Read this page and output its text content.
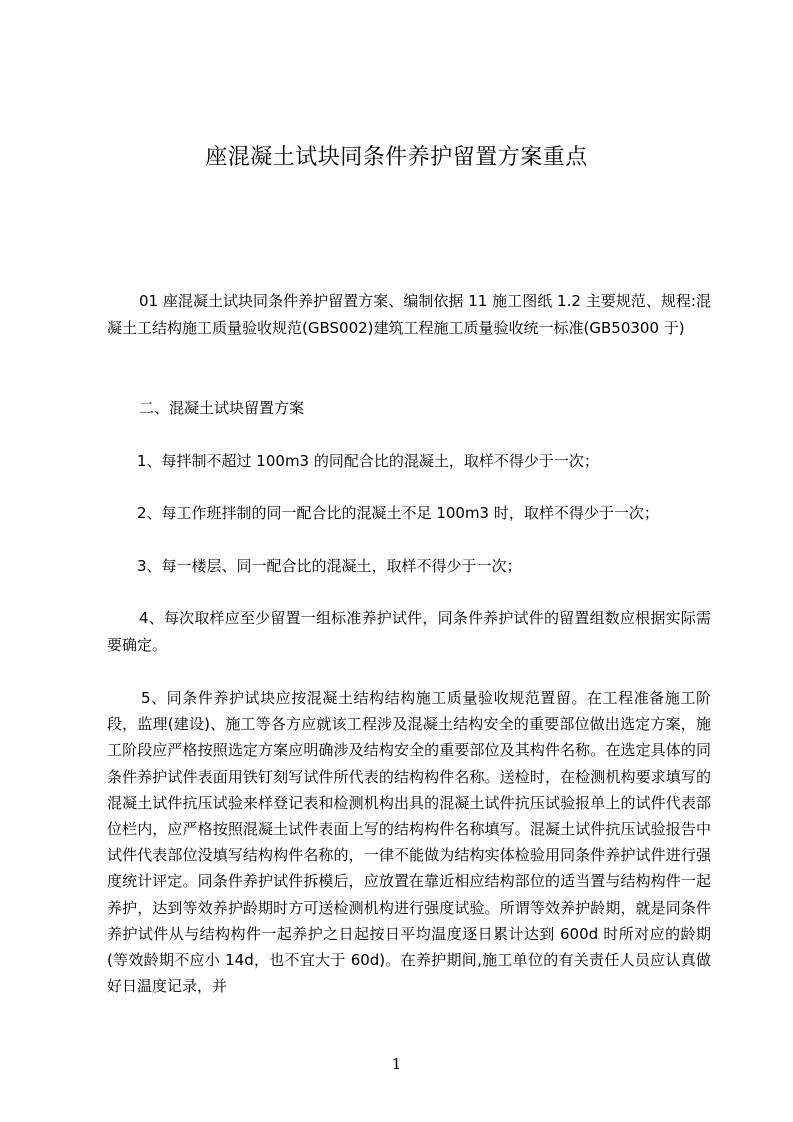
座混凝土试块同条件养护留置方案重点

01 座混凝土试块同条件养护留置方案、编制依据 11 施工图纸 1.2 主要规范、规程:混凝土工结构施工质量验收规范(GBS002)建筑工程施工质量验收统一标准(GB50300 于)

二、混凝土试块留置方案

1、每拌制不超过 100m3 的同配合比的混凝土，取样不得少于一次；

2、每工作班拌制的同一配合比的混凝土不足 100m3 时，取样不得少于一次；

3、每一楼层、同一配合比的混凝土，取样不得少于一次；

4、每次取样应至少留置一组标准养护试件，同条件养护试件的留置组数应根据实际需要确定。

5、同条件养护试块应按混凝土结构结构施工质量验收规范置留。在工程准备施工阶段，监理(建设)、施工等各方应就该工程涉及混凝土结构安全的重要部位做出选定方案，施工阶段应严格按照选定方案应明确涉及结构安全的重要部位及其构件名称。在选定具体的同条件养护试件表面用铁钉刻写试件所代表的结构构件名称。送检时，在检测机构要求填写的混凝土试件抗压试验来样登记表和检测机构出具的混凝土试件抗压试验报单上的试件代表部位栏内，应严格按照混凝土试件表面上写的结构构件名称填写。混凝土试件抗压试验报告中试件代表部位没填写结构构件名称的，一律不能做为结构实体检验用同条件养护试件进行强度统计评定。同条件养护试件拆模后，应放置在靠近相应结构部位的适当置与结构构件一起养护，达到等效养护龄期时方可送检测机构进行强度试验。所谓等效养护龄期，就是同条件养护试件从与结构构件一起养护之日起按日平均温度逐日累计达到 600d 时所对应的龄期(等效龄期不应小 14d，也不宜大于 60d)。在养护期间,施工单位的有关责任人员应认真做好日温度记录，并

1
